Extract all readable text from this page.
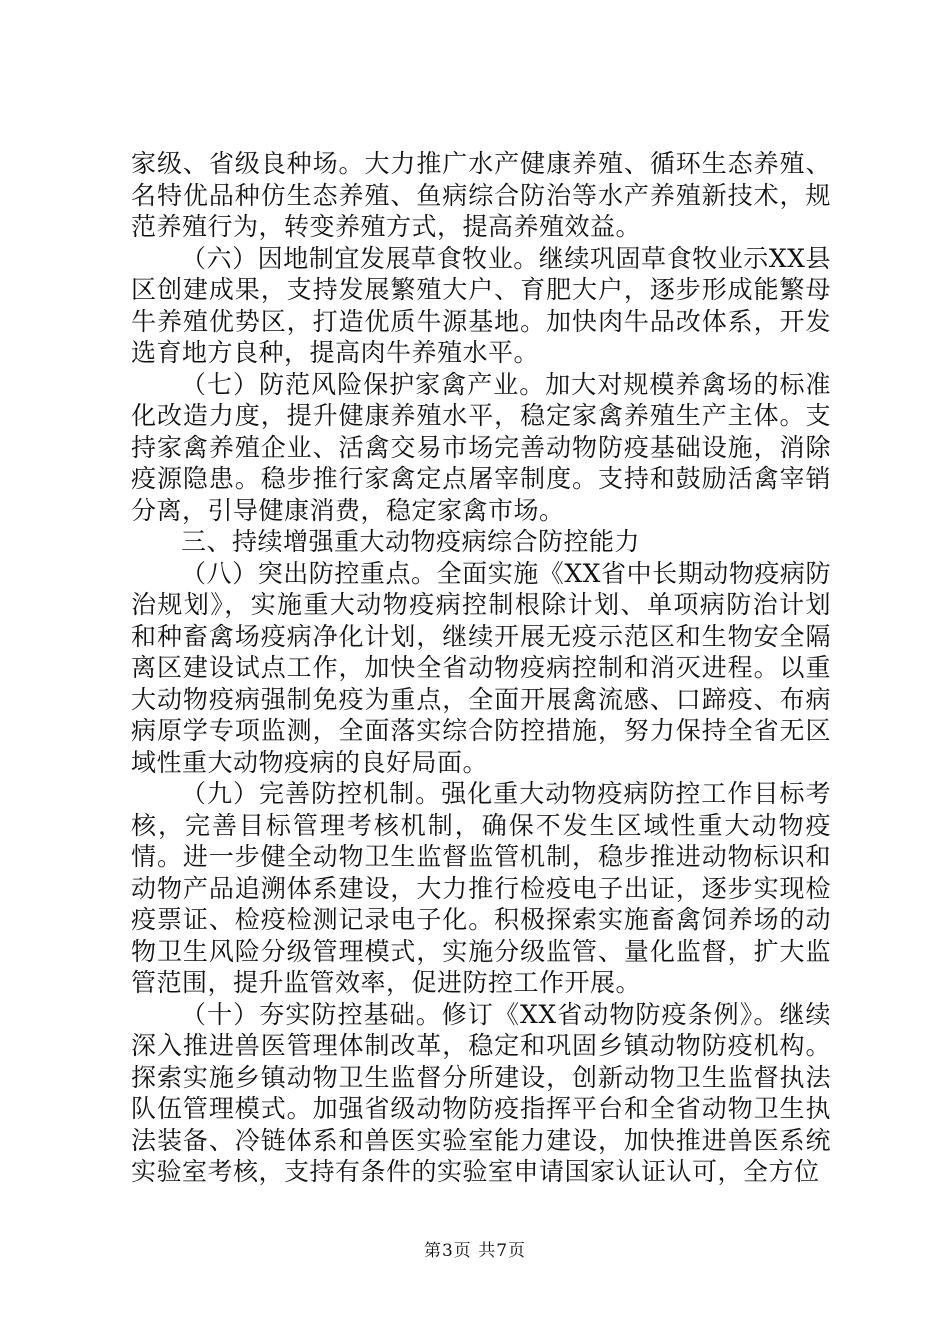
家级、省级良种场。大力推广水产健康养殖、循环生态养殖、名特优品种仿生态养殖、鱼病综合防治等水产养殖新技术，规范养殖行为，转变养殖方式，提高养殖效益。

（六）因地制宜发展草食牧业。继续巩固草食牧业示XX县区创建成果，支持发展繁殖大户、育肥大户，逐步形成能繁母牛养殖优势区，打造优质牛源基地。加快肉牛品改体系，开发选育地方良种，提高肉牛养殖水平。

（七）防范风险保护家禽产业。加大对规模养禽场的标准化改造力度，提升健康养殖水平，稳定家禽养殖生产主体。支持家禽养殖企业、活禽交易市场完善动物防疫基础设施，消除疫源隐患。稳步推行家禽定点屠宰制度。支持和鼓励活禽宰销分离，引导健康消费，稳定家禽市场。

三、持续增强重大动物疫病综合防控能力

（八）突出防控重点。全面实施《XX省中长期动物疫病防治规划》，实施重大动物疫病控制根除计划、单项病防治计划和种畜禽场疫病净化计划，继续开展无疫示范区和生物安全隔离区建设试点工作，加快全省动物疫病控制和消灭进程。以重大动物疫病强制免疫为重点，全面开展禽流感、口蹄疫、布病病原学专项监测，全面落实综合防控措施，努力保持全省无区域性重大动物疫病的良好局面。

（九）完善防控机制。强化重大动物疫病防控工作目标考核，完善目标管理考核机制，确保不发生区域性重大动物疫情。进一步健全动物卫生监督监管机制，稳步推进动物标识和动物产品追溯体系建设，大力推行检疫电子出证，逐步实现检疫票证、检疫检测记录电子化。积极探索实施畜禽饲养场的动物卫生风险分级管理模式，实施分级监管、量化监督，扩大监管范围，提升监管效率，促进防控工作开展。

（十）夯实防控基础。修订《XX省动物防疫条例》。继续深入推进兽医管理体制改革，稳定和巩固乡镇动物防疫机构。探索实施乡镇动物卫生监督分所建设，创新动物卫生监督执法队伍管理模式。加强省级动物防疫指挥平台和全省动物卫生执法装备、冷链体系和兽医实验室能力建设，加快推进兽医系统实验室考核，支持有条件的实验室申请国家认证认可，全方位

第3页 共7页
